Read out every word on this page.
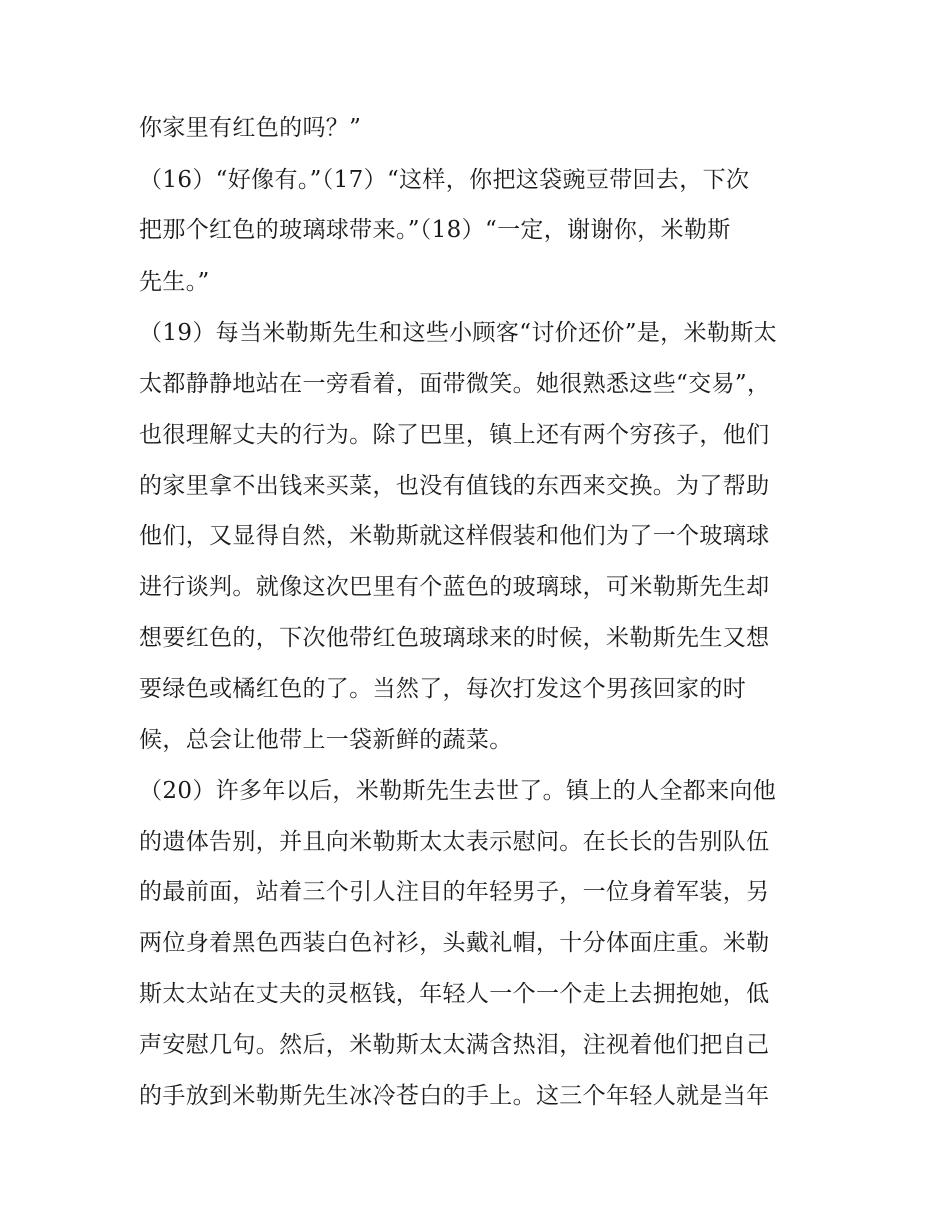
你家里有红色的吗？”
（16）“好像有。”（17）“这样，你把这袋豌豆带回去，下次
把那个红色的玻璃球带来。”（18）“一定，谢谢你，米勒斯
先生。”
（19）每当米勒斯先生和这些小顾客“讨价还价”是，米勒斯太
太都静静地站在一旁看着，面带微笑。她很熟悉这些“交易”，
也很理解丈夫的行为。除了巴里，镇上还有两个穷孩子，他们
的家里拿不出钱来买菜，也没有值钱的东西来交换。为了帮助
他们，又显得自然，米勒斯就这样假装和他们为了一个玻璃球
进行谈判。就像这次巴里有个蓝色的玻璃球，可米勒斯先生却
想要红色的，下次他带红色玻璃球来的时候，米勒斯先生又想
要绿色或橘红色的了。当然了，每次打发这个男孩回家的时
候，总会让他带上一袋新鲜的蔬菜。
（20）许多年以后，米勒斯先生去世了。镇上的人全都来向他
的遗体告别，并且向米勒斯太太表示慰问。在长长的告别队伍
的最前面，站着三个引人注目的年轻男子，一位身着军装，另
两位身着黑色西装白色衬衫，头戴礼帽，十分体面庄重。米勒
斯太太站在丈夫的灵柩钱，年轻人一个一个走上去拥抱她，低
声安慰几句。然后，米勒斯太太满含热泪，注视着他们把自己
的手放到米勒斯先生冰冷苍白的手上。这三个年轻人就是当年
